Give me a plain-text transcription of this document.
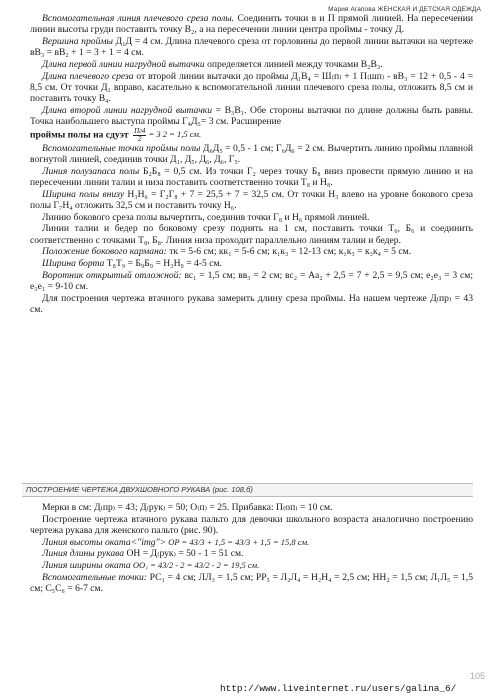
Мария Агапова ЖЕНСКАЯ И ДЕТСКАЯ ОДЕЖДА

Вспомогательная линия плечевого среза полы. Соединить точки в и П прямой линией. На пересечении линии высоты груди поставить точку В₂, а на пересечении линии центра проймы - точку Д.

Вершина проймы Д₁Д = 4 см. Длина плечевого среза от горловины до первой линии вытачки на чертеже вВ₃ = вВ₂ + 1 = 3 + 1 = 4 см.

Длина первой линии нагрудной вытачки определяется линией между точками В₂В₃.

Длина плечевого среза от второй линии вытачки до проймы Д₁В₄ = Ш₍п₎ + 1 П₍шп₎ - вВ₃ = 12 + 0,5 - 4 = 8,5 см. От точки Д₁ вправо, касательно к вспомогательной линии плечевого среза полы, отложить 8,5 см и поставить точку В₄.

Длина второй линии нагрудной вытачки = В₃В₁. Обе стороны вытачки по длине должны быть равны. Точка наибольшего выступа проймы Г₄Д₅= 3 см. Расширение

проймы полы на сдуэт $\frac{Пг4}{2} = 3$ 2 = 1,5 см.

Вспомогательные точки проймы полы Д₆Д₅ = 0,5 - 1 см; Г₆Д₆ = 2 см. Вычертить линию проймы плавной вогнутой линией, соединив точки Д₁, Д₅, Д₆, Д₆, Г₅.

Линия полузапаса полы Б₂Б₈ = 0,5 см. Из точки Г₂ через точку Б₈ вниз провести прямую линию и на пересечении линии талии и низа поставить соответственно точки Т₈ и Н₈.

Ширина полы внизу Н₃Н₆ = Г₂Г₈ + 7 = 25,5 + 7 = 32,5 см. От точки Н₃ влево на уровне бокового среза полы Г₇Н₄ отложить 32,5 см и поставить точку Н₆.

Линию бокового среза полы вычертить, соединив точки Г₈ и Н₆ прямой линией.

Линии талии и бедер по боковому срезу поднять на 1 см, поставить точки Т₆, Б₆ и соединить соответственно с точками Т₈, Б₈. Линия низа проходит параллельно линиям талии и бедер.

Положение бокового кармана: тк = 5-6 см; кк₁ = 5-6 см; к₁к₃ = 12-13 см; к₁к₃ = к₃к₄ = 5 см.

Ширина борта Т₈Т₉ = Б₉Б₉ = Н₃Н₉ = 4-5 см.

Воротник открытый отложной: вс₁ = 1,5 см; вв₃ = 2 см; вс₂ = Аа₂ + 2,5 = 7 + 2,5 = 9,5 см; е₂е₃ = 3 см; е₃е₁ = 9-10 см.

Для построения чертежа втачного рукава замерить длину среза проймы. На нашем чертеже Д₍пр₎ = 43 см.

ПОСТРОЕНИЕ ЧЕРТЕЖА ДВУХШОВНОГО РУКАВА (рис. 108,б)

Мерки в см: Д₍пр₎ = 43; Д₍рук₎ = 50; О₍п₎ = 25. Прибавка: П₍оп₎ = 10 см.

Построение чертежа втачного рукава пальто для девочки школьного возраста аналогично построению чертежа рукава для женского пальто (рис. 90).

Линия высоты оката<"img"> OP = 43/3 + 1,5 = 43/3 + 1,5 = 15,8 см.

Линия длины рукава ОН = Д₍рук₎ = 50 - 1 = 51 см.

Линия ширины оката OO₁ = 43/2 - 2 = 43/2 - 2 = 19,5 см.

Вспомогательные точки: РС₁ = 4 см; ЛЛ₃ = 1,5 см; РР₅ = Л₂Л₄ = Н₂Н₄ = 2,5 см; НН₂ = 1,5 см; Л₁Л₅ = 1,5 см; С₅С₆ = 6-7 см.

105
http://www.liveinternet.ru/users/galina_6/
